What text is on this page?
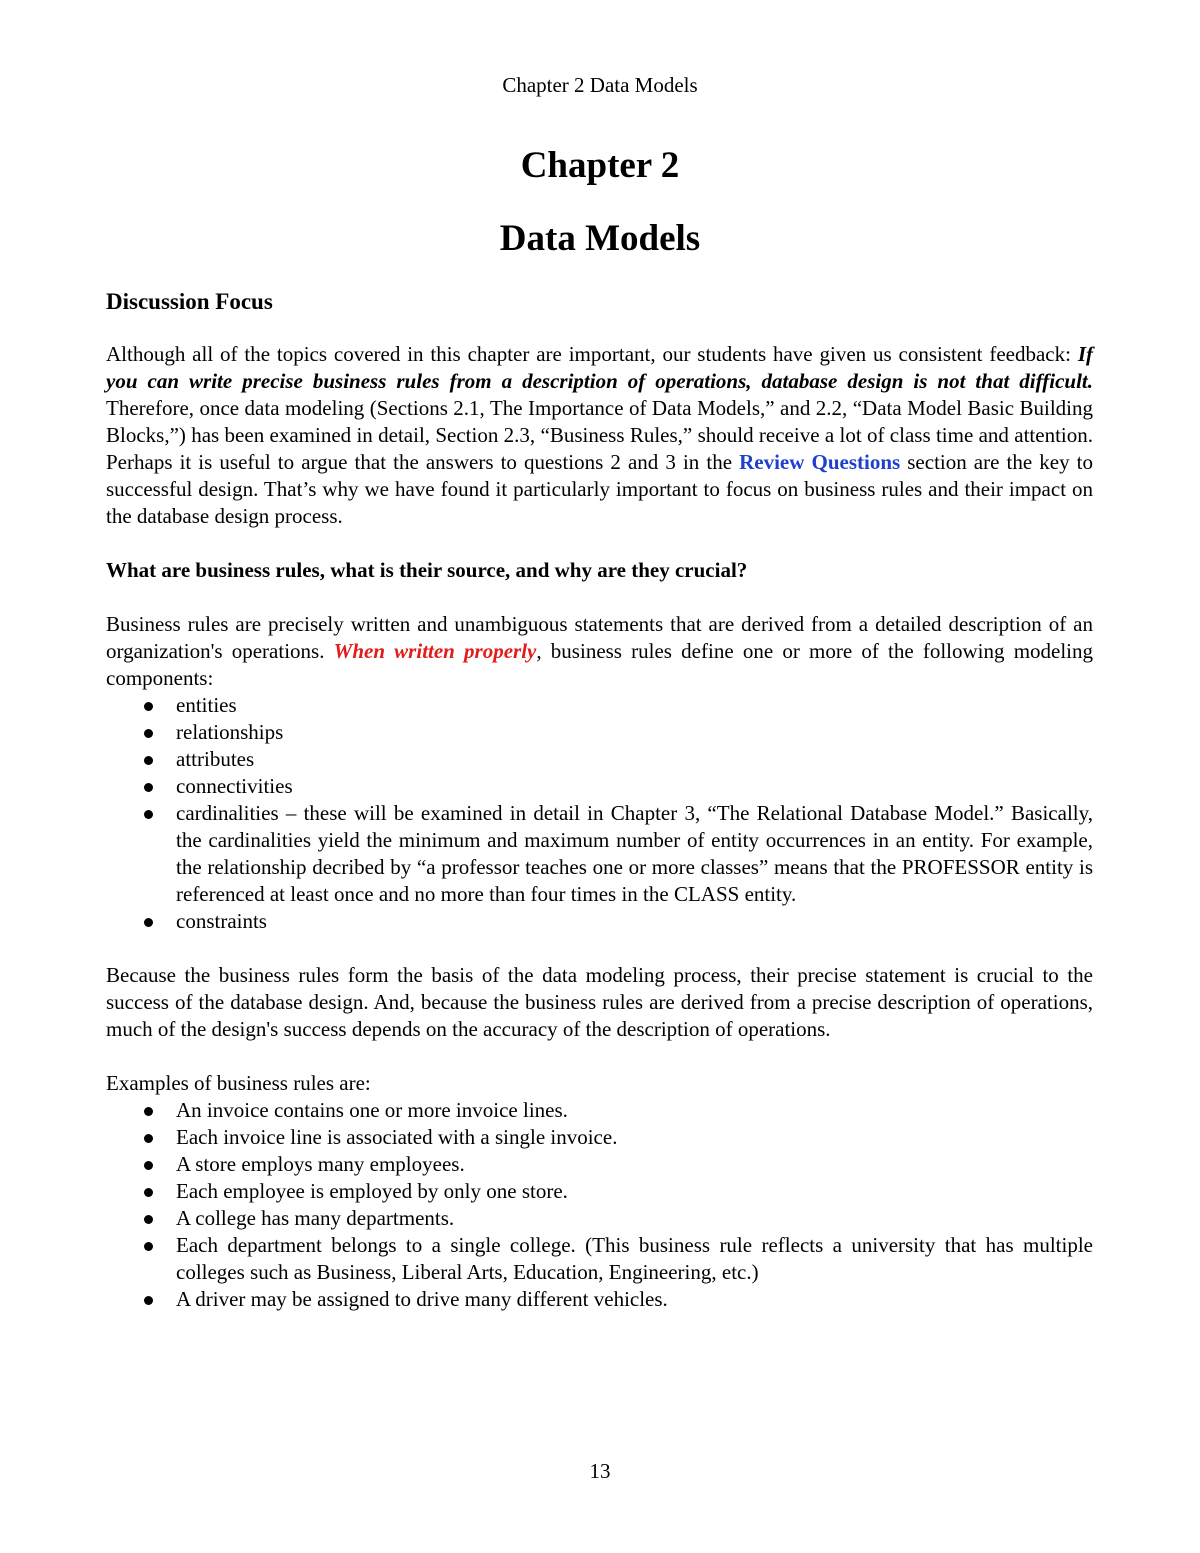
Chapter 2 Data Models
Chapter 2
Data Models
Discussion Focus

Although all of the topics covered in this chapter are important, our students have given us consistent feedback: If you can write precise business rules from a description of operations, database design is not that difficult. Therefore, once data modeling (Sections 2.1, The Importance of Data Models,” and 2.2, “Data Model Basic Building Blocks,”) has been examined in detail, Section 2.3, “Business Rules,” should receive a lot of class time and attention. Perhaps it is useful to argue that the answers to questions 2 and 3 in the Review Questions section are the key to successful design. That’s why we have found it particularly important to focus on business rules and their impact on the database design process.

What are business rules, what is their source, and why are they crucial?

Business rules are precisely written and unambiguous statements that are derived from a detailed description of an organization's operations. When written properly, business rules define one or more of the following modeling components:

entities
relationships
attributes
connectivities
cardinalities – these will be examined in detail in Chapter 3, “The Relational Database Model.” Basically, the cardinalities yield the minimum and maximum number of entity occurrences in an entity. For example, the relationship decribed by “a professor teaches one or more classes” means that the PROFESSOR entity is referenced at least once and no more than four times in the CLASS entity.
constraints

Because the business rules form the basis of the data modeling process, their precise statement is crucial to the success of the database design. And, because the business rules are derived from a precise description of operations, much of the design's success depends on the accuracy of the description of operations.

Examples of business rules are:

An invoice contains one or more invoice lines.
Each invoice line is associated with a single invoice.
A store employs many employees.
Each employee is employed by only one store.
A college has many departments.
Each department belongs to a single college. (This business rule reflects a university that has multiple colleges such as Business, Liberal Arts, Education, Engineering, etc.)
A driver may be assigned to drive many different vehicles.
13
